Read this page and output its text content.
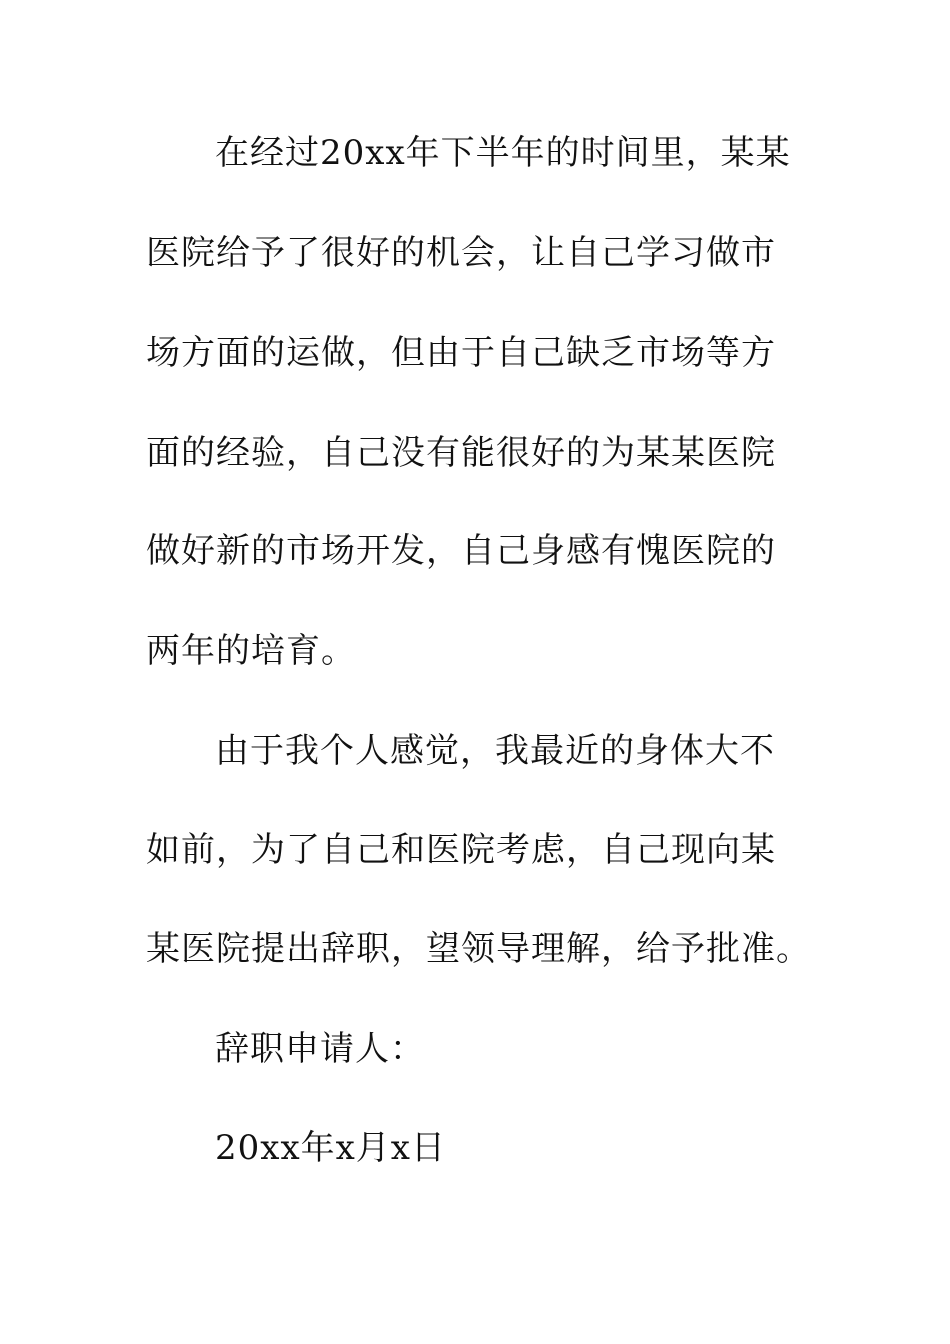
在经过20xx年下半年的时间里，某某
医院给予了很好的机会，让自己学习做市
场方面的运做，但由于自己缺乏市场等方
面的经验，自己没有能很好的为某某医院
做好新的市场开发，自己身感有愧医院的
两年的培育。
由于我个人感觉，我最近的身体大不
如前，为了自己和医院考虑，自己现向某
某医院提出辞职，望领导理解，给予批准。
辞职申请人：
20xx年x月x日
